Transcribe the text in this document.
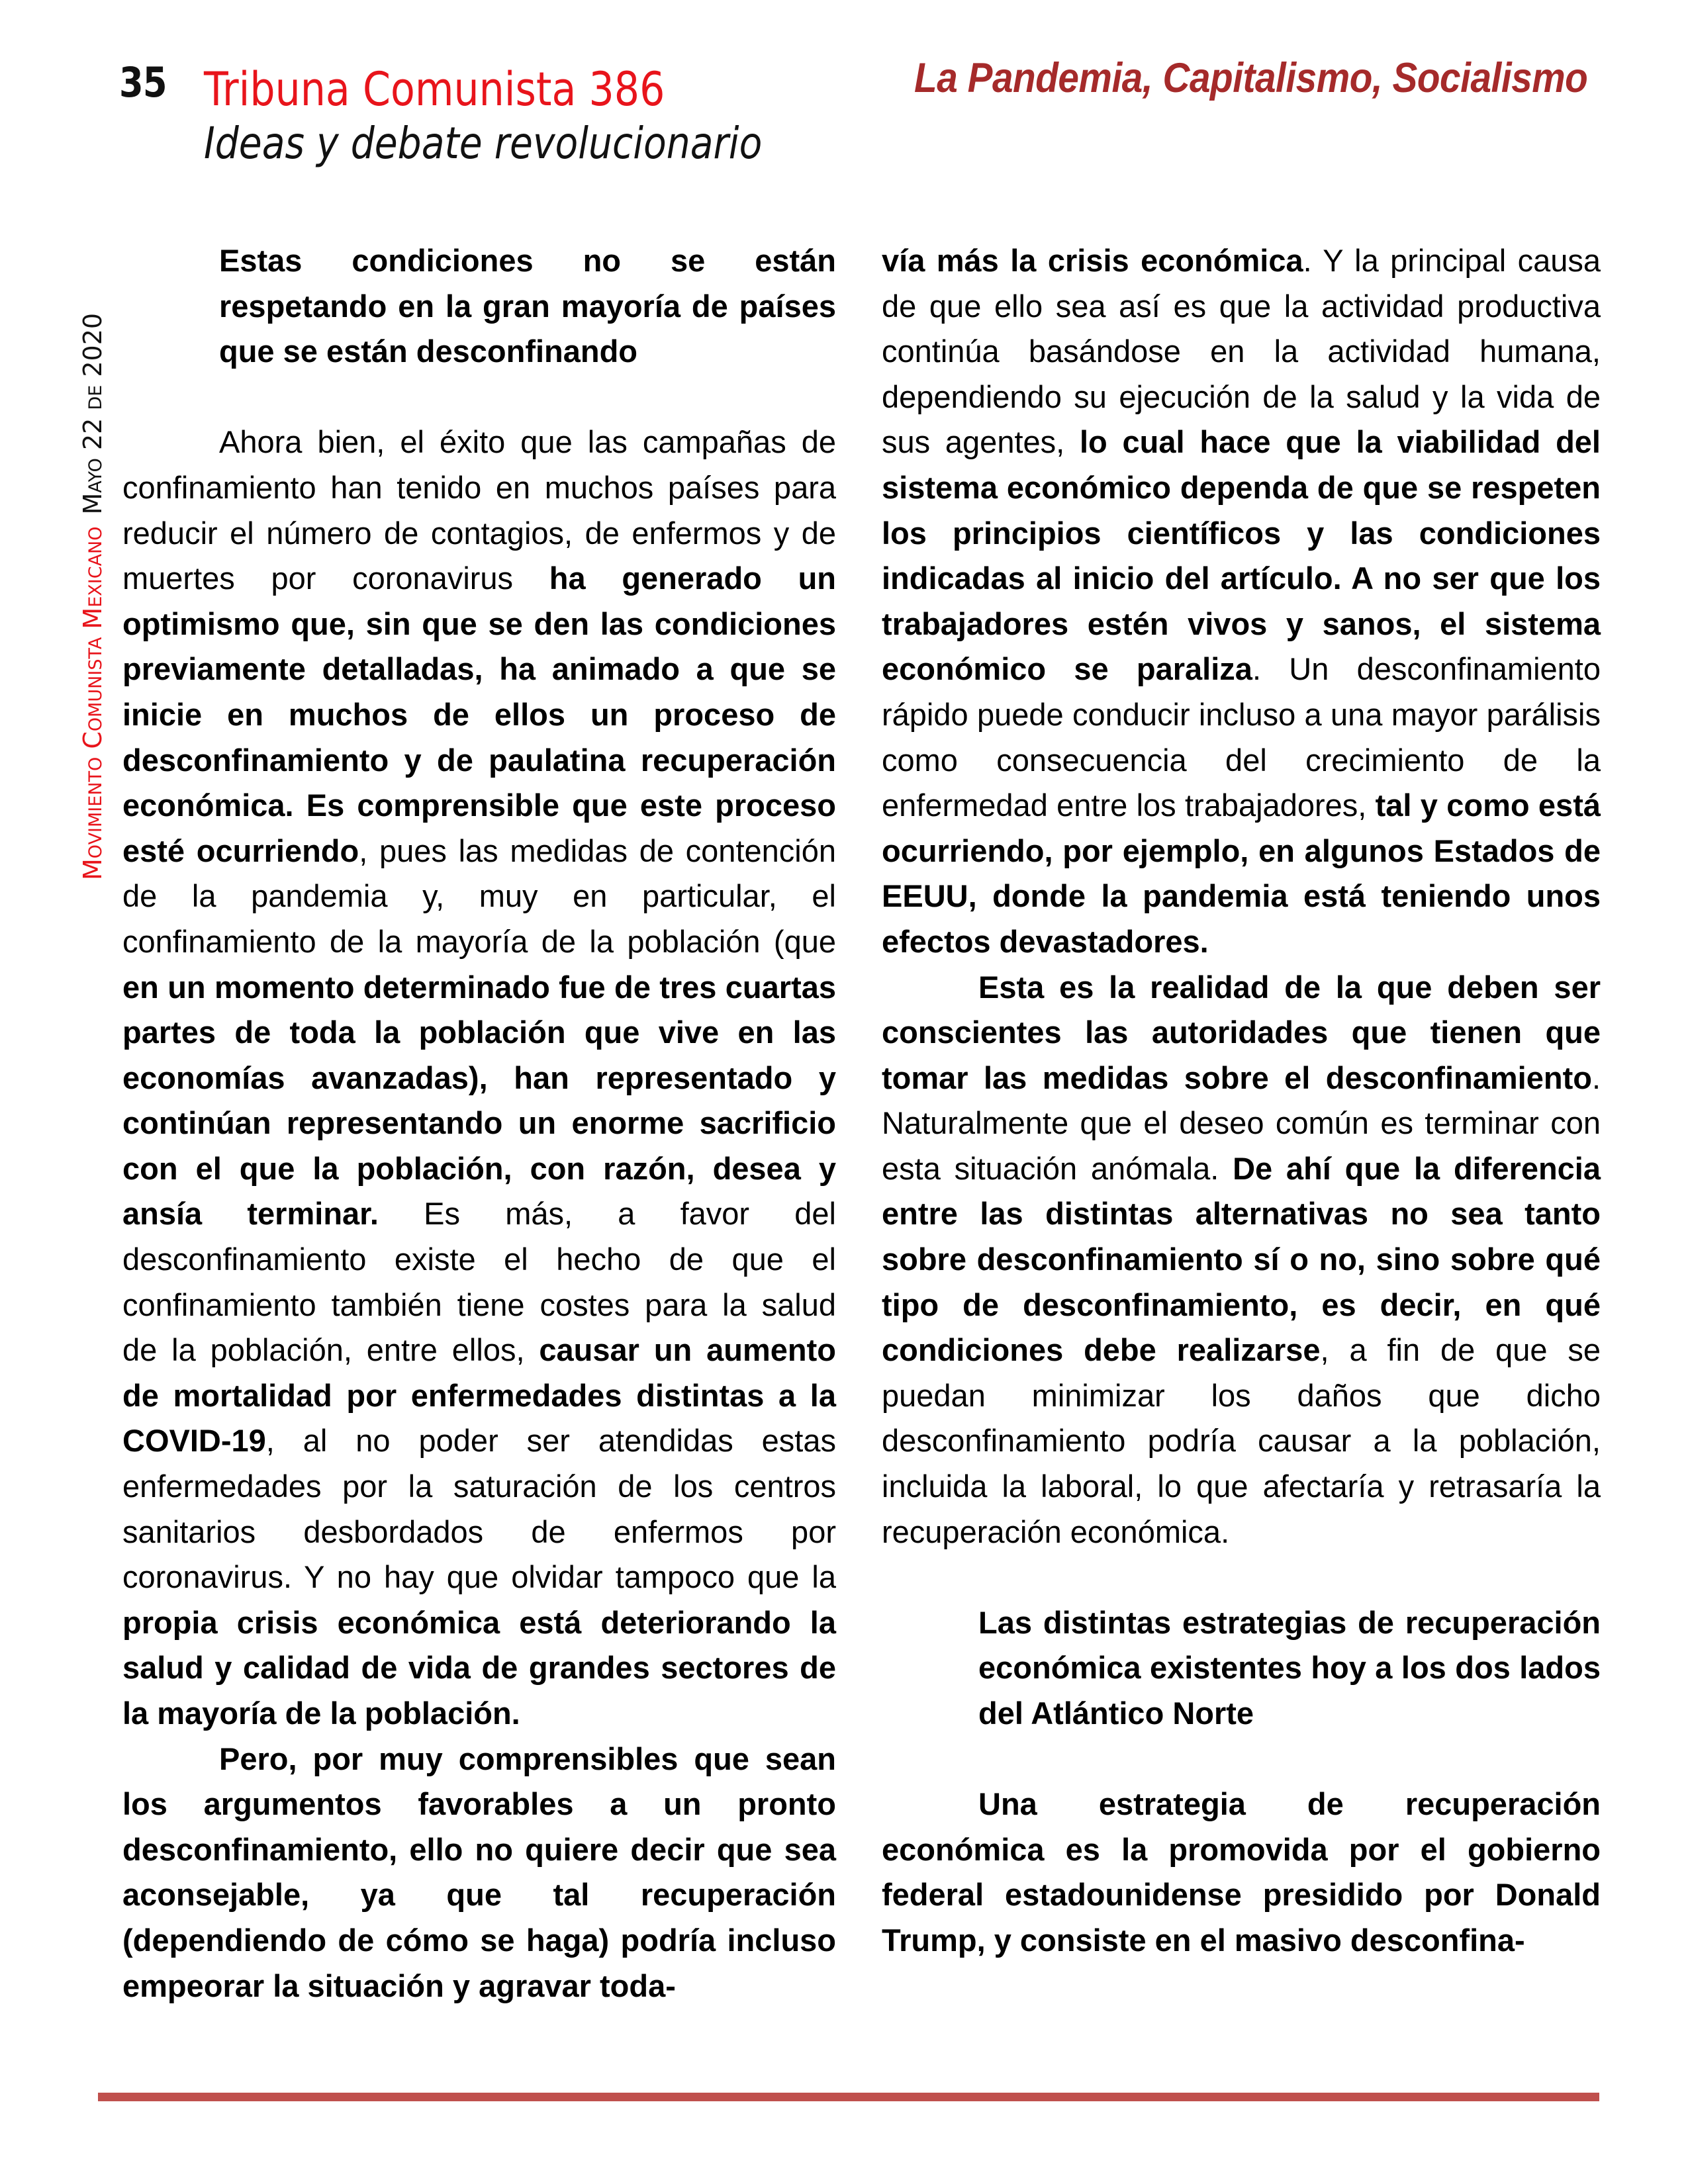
35 Tribuna Comunista 386
Ideas y debate revolucionario
La Pandemia, Capitalismo, Socialismo
Movimiento Comunista MexicanoMayo 22 de 2020

Estas condiciones no se están respetando en la gran mayoría de países que se están desconfinando

Ahora bien, el éxito que las campañas de confinamiento han tenido en muchos países para reducir el número de contagios, de enfermos y de muertes por coronavirus ha generado un optimismo que, sin que se den las condiciones previamente detalladas, ha animado a que se inicie en muchos de ellos un proceso de desconfinamiento y de paulatina recuperación económica. Es comprensible que este proceso esté ocurriendo, pues las medidas de contención de la pandemia y, muy en particular, el confinamiento de la mayoría de la población (que en un momento determinado fue de tres cuartas partes de toda la población que vive en las economías avanzadas), han representado y continúan representando un enorme sacrificio con el que la población, con razón, desea y ansía terminar. Es más, a favor del desconfinamiento existe el hecho de que el confinamiento también tiene costes para la salud de la población, entre ellos, causar un aumento de mortalidad por enfermedades distintas a la COVID-19, al no poder ser atendidas estas enfermedades por la saturación de los centros sanitarios desbordados de enfermos por coronavirus. Y no hay que olvidar tampoco que la propia crisis económica está deteriorando la salud y calidad de vida de grandes sectores de la mayoría de la población.

Pero, por muy comprensibles que sean los argumentos favorables a un pronto desconfinamiento, ello no quiere decir que sea aconsejable, ya que tal recuperación (dependiendo de cómo se haga) podría incluso empeorar la situación y agravar toda-

vía más la crisis económica. Y la principal causa de que ello sea así es que la actividad productiva continúa basándose en la actividad humana, dependiendo su ejecución de la salud y la vida de sus agentes, lo cual hace que la viabilidad del sistema económico dependa de que se respeten los principios científicos y las condiciones indicadas al inicio del artículo. A no ser que los trabajadores estén vivos y sanos, el sistema económico se paraliza. Un desconfinamiento rápido puede conducir incluso a una mayor parálisis como consecuencia del crecimiento de la enfermedad entre los trabajadores, tal y como está ocurriendo, por ejemplo, en algunos Estados de EEUU, donde la pandemia está teniendo unos efectos devastadores.

Esta es la realidad de la que deben ser conscientes las autoridades que tienen que tomar las medidas sobre el desconfinamiento. Naturalmente que el deseo común es terminar con esta situación anómala. De ahí que la diferencia entre las distintas alternativas no sea tanto sobre desconfinamiento sí o no, sino sobre qué tipo de desconfinamiento, es decir, en qué condiciones debe realizarse, a fin de que se puedan minimizar los daños que dicho desconfinamiento podría causar a la población, incluida la laboral, lo que afectaría y retrasaría la recuperación económica.

Las distintas estrategias de recuperación económica existentes hoy a los dos lados del Atlántico Norte

Una estrategia de recuperación económica es la promovida por el gobierno federal estadounidense presidido por Donald Trump, y consiste en el masivo desconfina-
